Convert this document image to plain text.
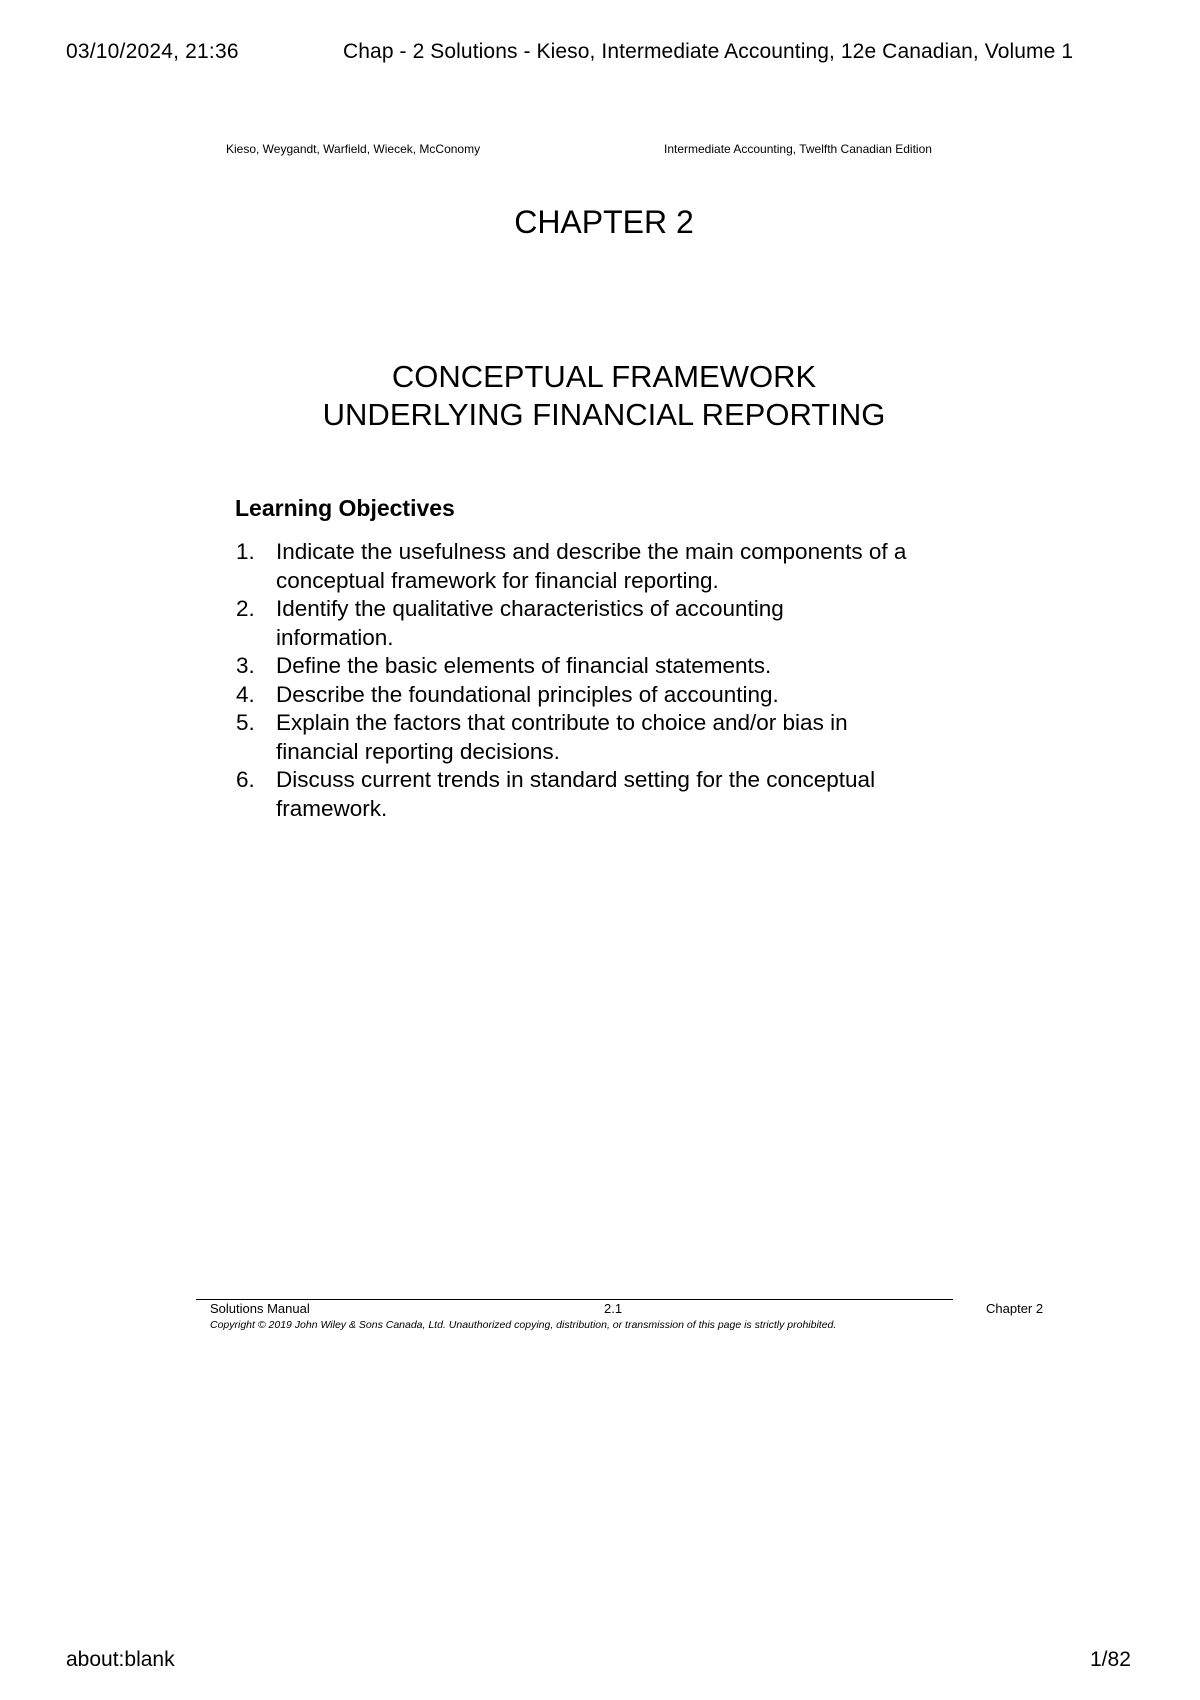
03/10/2024, 21:36	Chap - 2 Solutions - Kieso, Intermediate Accounting, 12e Canadian, Volume 1
Kieso, Weygandt, Warfield, Wiecek, McConomy	Intermediate Accounting, Twelfth Canadian Edition
CHAPTER 2
CONCEPTUAL FRAMEWORK
UNDERLYING FINANCIAL REPORTING
Learning Objectives
1. Indicate the usefulness and describe the main components of a conceptual framework for financial reporting.
2. Identify the qualitative characteristics of accounting information.
3. Define the basic elements of financial statements.
4. Describe the foundational principles of accounting.
5. Explain the factors that contribute to choice and/or bias in financial reporting decisions.
6. Discuss current trends in standard setting for the conceptual framework.
Solutions Manual	2.1	Chapter 2
Copyright © 2019 John Wiley & Sons Canada, Ltd. Unauthorized copying, distribution, or transmission of this page is strictly prohibited.
about:blank	1/82
